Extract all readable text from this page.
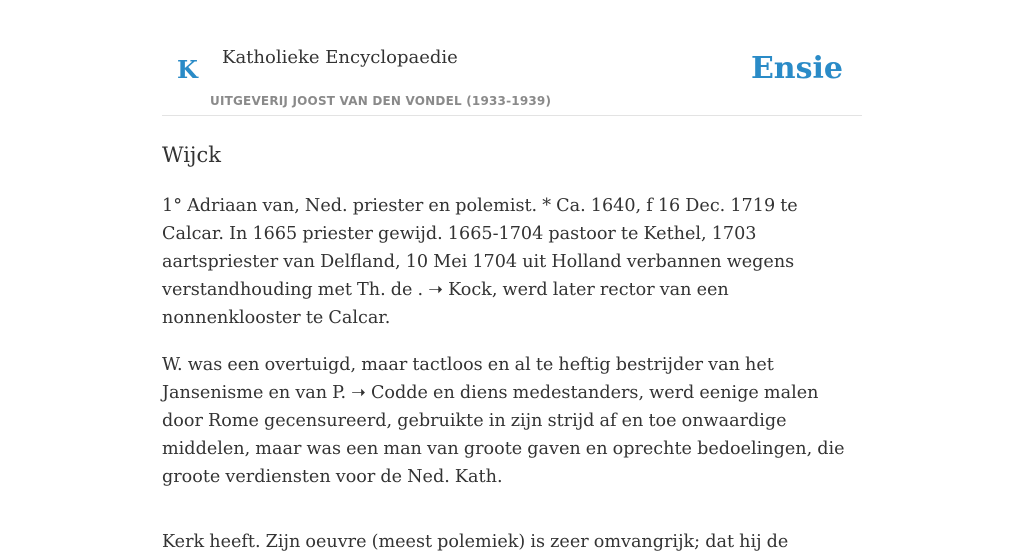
K Katholieke Encyclopaedie
UITGEVERIJ JOOST VAN DEN VONDEL (1933-1939)
Ensie
Wijck

1° Adriaan van, Ned. priester en polemist. * Ca. 1640, f 16 Dec. 1719 te Calcar. In 1665 priester gewijd. 1665-1704 pastoor te Kethel, 1703 aartspriester van Delfland, 10 Mei 1704 uit Holland verbannen wegens verstandhouding met Th. de . ➝ Kock, werd later rector van een nonnenklooster te Calcar.

W. was een overtuigd, maar tactloos en al te heftig bestrijder van het Jansenisme en van P. ➝ Codde en diens medestanders, werd eenige malen door Rome gecensureerd, gebruikte in zijn strijd af en toe onwaardige middelen, maar was een man van groote gaven en oprechte bedoelingen, die groote verdiensten voor de Ned. Kath.

Kerk heeft. Zijn oeuvre (meest polemiek) is zeer omvangrijk; dat hij de
